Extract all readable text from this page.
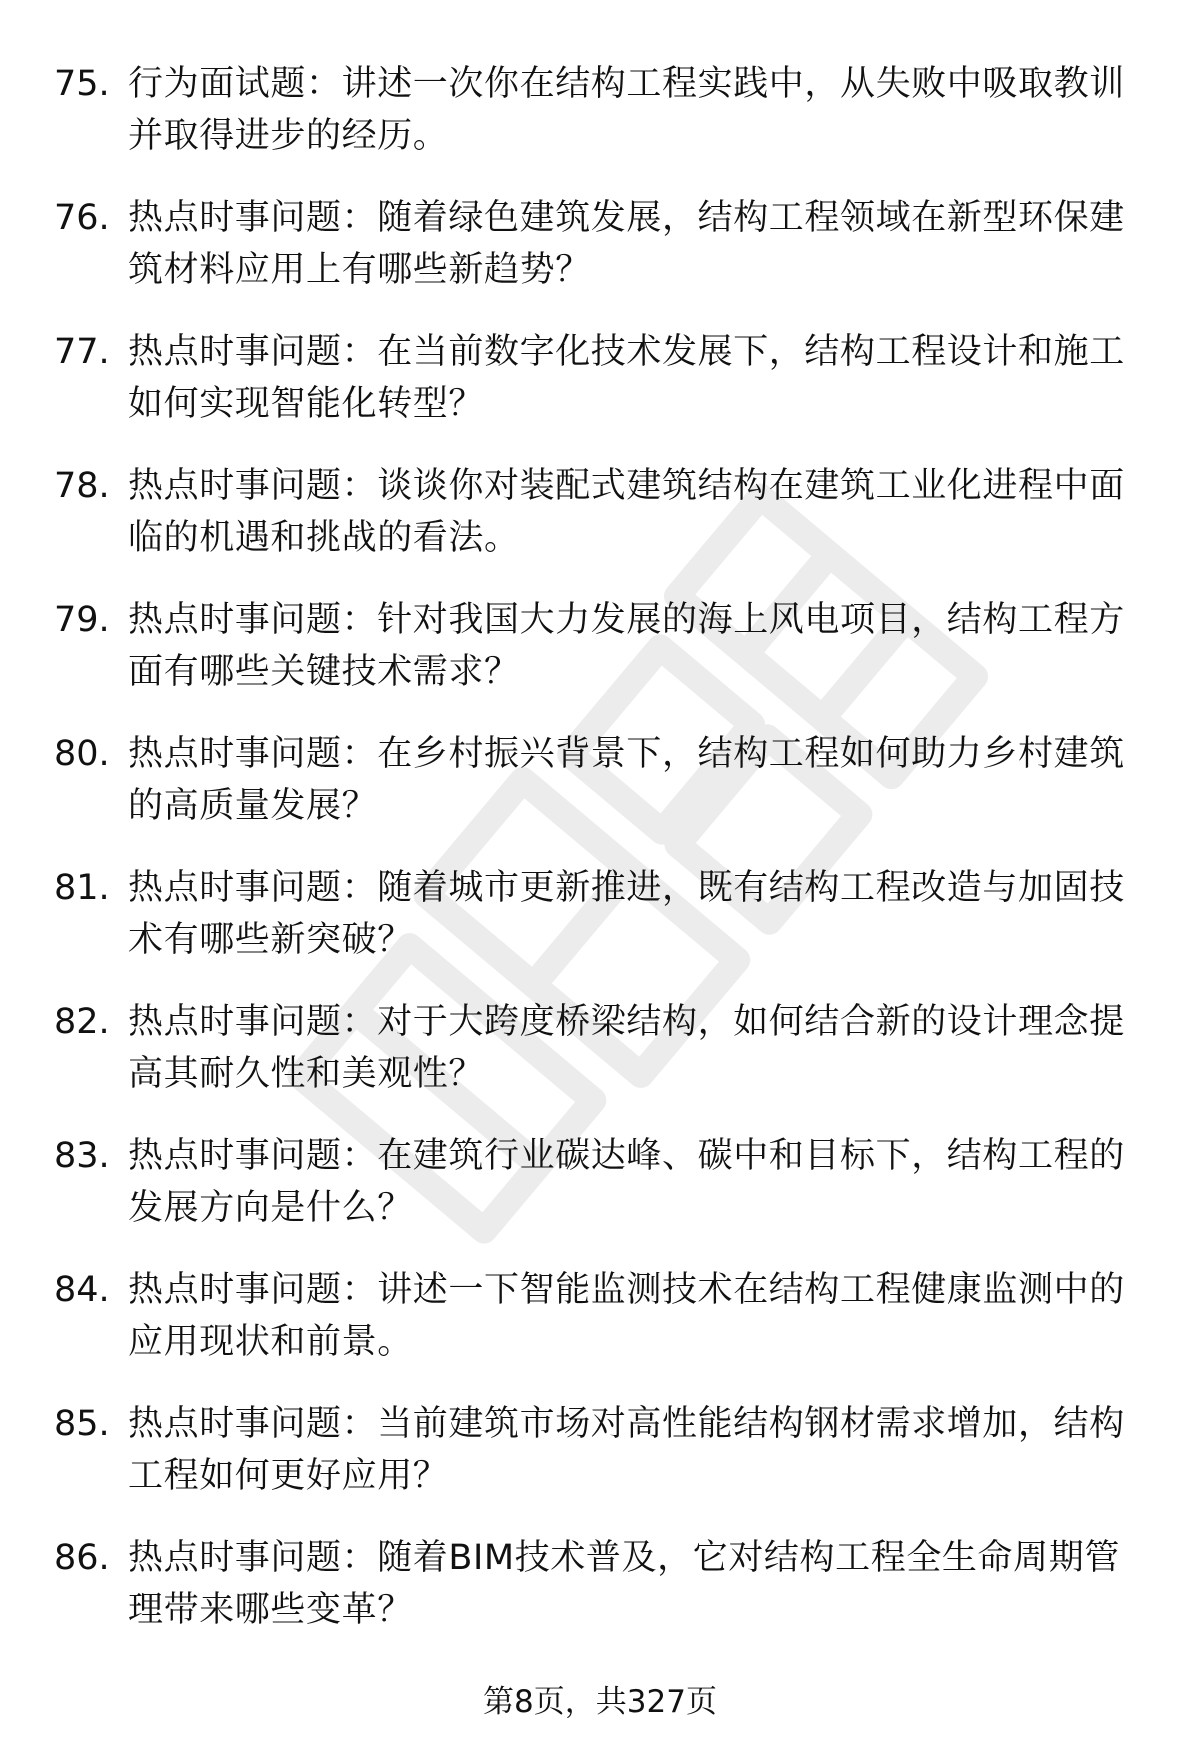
75. 行为面试题：讲述一次你在结构工程实践中，从失败中吸取教训
并取得进步的经历。
76. 热点时事问题：随着绿色建筑发展，结构工程领域在新型环保建
筑材料应用上有哪些新趋势？
77. 热点时事问题：在当前数字化技术发展下，结构工程设计和施工
如何实现智能化转型？
78. 热点时事问题：谈谈你对装配式建筑结构在建筑工业化进程中面
临的机遇和挑战的看法。
79. 热点时事问题：针对我国大力发展的海上风电项目，结构工程方
面有哪些关键技术需求？
80. 热点时事问题：在乡村振兴背景下，结构工程如何助力乡村建筑
的高质量发展？
81. 热点时事问题：随着城市更新推进，既有结构工程改造与加固技
术有哪些新突破？
82. 热点时事问题：对于大跨度桥梁结构，如何结合新的设计理念提
高其耐久性和美观性？
83. 热点时事问题：在建筑行业碳达峰、碳中和目标下，结构工程的
发展方向是什么？
84. 热点时事问题：讲述一下智能监测技术在结构工程健康监测中的
应用现状和前景。
85. 热点时事问题：当前建筑市场对高性能结构钢材需求增加，结构
工程如何更好应用？
86. 热点时事问题：随着BIM技术普及，它对结构工程全生命周期管
理带来哪些变革？
第8页，共327页
